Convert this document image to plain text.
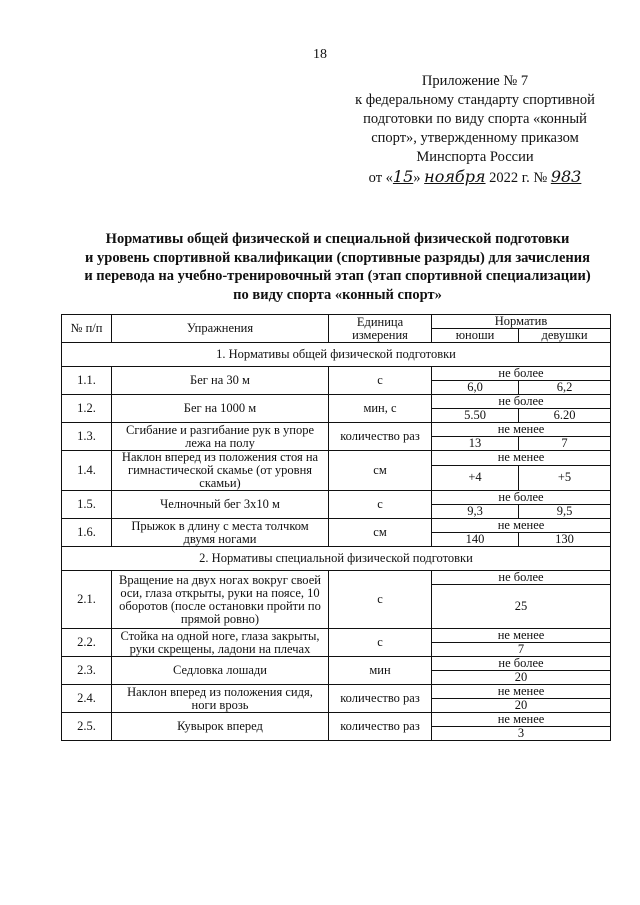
18
Приложение № 7
к федеральному стандарту спортивной
подготовки по виду спорта «конный
спорт», утвержденному приказом
Минспорта России
от «15» ноября 2022 г. № 983
Нормативы общей физической и специальной физической подготовки
и уровень спортивной квалификации (спортивные разряды) для зачисления
и перевода на учебно-тренировочный этап (этап спортивной специализации)
по виду спорта «конный спорт»
№ п/п	Упражнения	Единица измерения	Норматив	
			юноши	девушки
1. Нормативы общей физической подготовки				
1.1.	Бег на 30 м	с	не более	
			6,0	6,2
1.2.	Бег на 1000 м	мин, с	не более	
			5.50	6.20
1.3.	Сгибание и разгибание рук в упоре лежа на полу	количество раз	не менее	
			13	7
1.4.	Наклон вперед из положения стоя на гимнастической скамье (от уровня скамьи)	см	не менее	
			+4	+5
1.5.	Челночный бег 3х10 м	с	не более	
			9,3	9,5
1.6.	Прыжок в длину с места толчком двумя ногами	см	не менее	
			140	130
2. Нормативы специальной физической подготовки				
2.1.	Вращение на двух ногах вокруг своей оси, глаза открыты, руки на поясе, 10 оборотов (после остановки пройти по прямой ровно)	с	не более	
			25	
2.2.	Стойка на одной ноге, глаза закрыты, руки скрещены, ладони на плечах	с	не менее	
			7	
2.3.	Седловка лошади	мин	не более	
			20	
2.4.	Наклон вперед из положения сидя, ноги врозь	количество раз	не менее	
			20	
2.5.	Кувырок вперед	количество раз	не менее	
			3	
